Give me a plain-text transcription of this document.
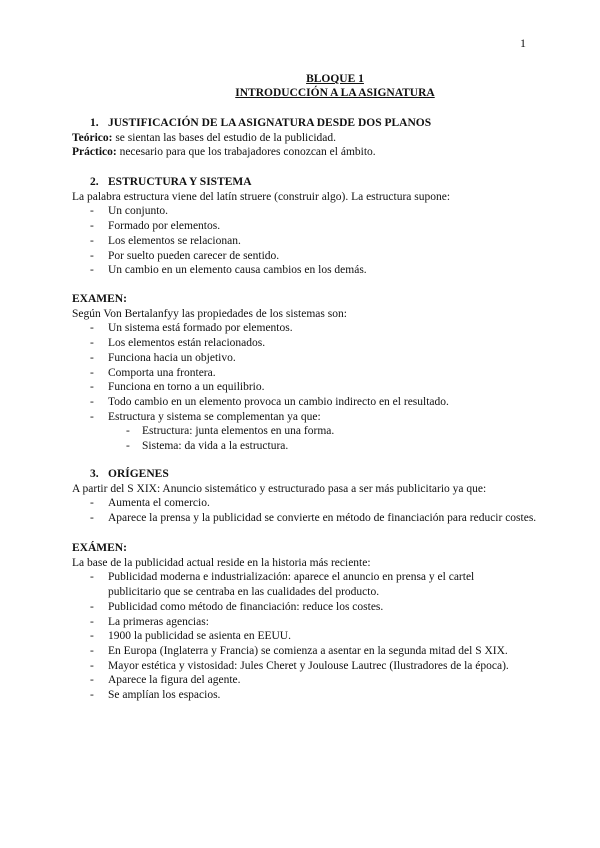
1
BLOQUE 1
INTRODUCCIÓN A LA ASIGNATURA
1. JUSTIFICACIÓN DE LA ASIGNATURA DESDE DOS PLANOS
Teórico: se sientan las bases del estudio de la publicidad.
Práctico: necesario para que los trabajadores conozcan el ámbito.
2. ESTRUCTURA Y SISTEMA
La palabra estructura viene del latín struere (construir algo). La estructura supone:
- Un conjunto.
- Formado por elementos.
- Los elementos se relacionan.
- Por suelto pueden carecer de sentido.
- Un cambio en un elemento causa cambios en los demás.
EXAMEN:
Según Von Bertalanfyy las propiedades de los sistemas son:
- Un sistema está formado por elementos.
- Los elementos están relacionados.
- Funciona hacia un objetivo.
- Comporta una frontera.
- Funciona en torno a un equilibrio.
- Todo cambio en un elemento provoca un cambio indirecto en el resultado.
- Estructura y sistema se complementan ya que:
- Estructura: junta elementos en una forma.
- Sistema: da vida a la estructura.
3. ORÍGENES
A partir del S XIX: Anuncio sistemático y estructurado pasa a ser más publicitario ya que:
- Aumenta el comercio.
- Aparece la prensa y la publicidad se convierte en método de financiación para reducir costes.
EXÁMEN:
La base de la publicidad actual reside en la historia más reciente:
- Publicidad moderna e industrialización: aparece el anuncio en prensa y el cartel publicitario que se centraba en las cualidades del producto.
- Publicidad como método de financiación: reduce los costes.
- La primeras agencias:
- 1900 la publicidad se asienta en EEUU.
- En Europa (Inglaterra y Francia) se comienza a asentar en la segunda mitad del S XIX.
- Mayor estética y vistosidad: Jules Cheret y Joulouse Lautrec (Ilustradores de la época).
- Aparece la figura del agente.
- Se amplían los espacios.
